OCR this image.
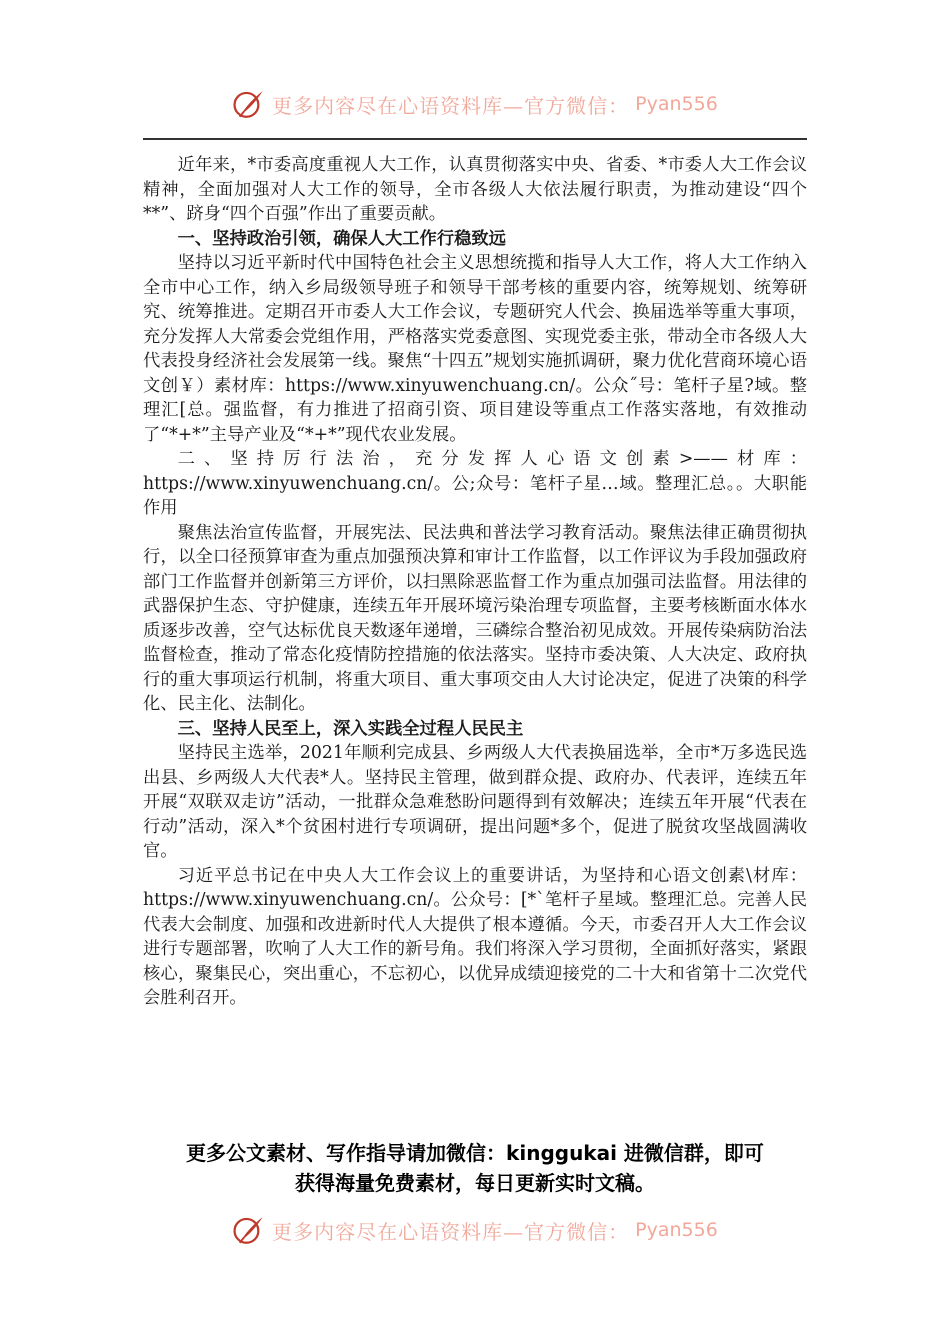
更多内容尽在心语资料库—官方微信： Pyan556

近年来，*市委高度重视人大工作，认真贯彻落实中央、省委、*市委人大工作会议精神，全面加强对人大工作的领导，全市各级人大依法履行职责，为推动建设“四个**”、跻身“四个百强”作出了重要贡献。

一、坚持政治引领，确保人大工作行稳致远

坚持以习近平新时代中国特色社会主义思想统揽和指导人大工作，将人大工作纳入全市中心工作，纳入乡局级领导班子和领导干部考核的重要内容，统筹规划、统筹研究、统筹推进。定期召开市委人大工作会议，专题研究人代会、换届选举等重大事项，充分发挥人大常委会党组作用，严格落实党委意图、实现党委主张，带动全市各级人大代表投身经济社会发展第一线。聚焦“十四五”规划实施抓调研，聚力优化营商环境心语文创￥）素材库：https://www.xinyuwenchuang.cn/。公众˝号：笔杆子星?域。整理汇[总。强监督，有力推进了招商引资、项目建设等重点工作落实落地，有效推动了“*+*”主导产业及“*+*”现代农业发展。

二、坚持厉行法治，充分发挥人心语文创素>——材库：https://www.xinyuwenchuang.cn/。公;众号：笔杆子星…域。整理汇总。。大职能作用

聚焦法治宣传监督，开展宪法、民法典和普法学习教育活动。聚焦法律正确贯彻执行，以全口径预算审查为重点加强预决算和审计工作监督，以工作评议为手段加强政府部门工作监督并创新第三方评价，以扫黑除恶监督工作为重点加强司法监督。用法律的武器保护生态、守护健康，连续五年开展环境污染治理专项监督，主要考核断面水体水质逐步改善，空气达标优良天数逐年递增，三磷综合整治初见成效。开展传染病防治法监督检查，推动了常态化疫情防控措施的依法落实。坚持市委决策、人大决定、政府执行的重大事项运行机制，将重大项目、重大事项交由人大讨论决定，促进了决策的科学化、民主化、法制化。

三、坚持人民至上，深入实践全过程人民民主

坚持民主选举，2021年顺利完成县、乡两级人大代表换届选举，全市*万多选民选出县、乡两级人大代表*人。坚持民主管理，做到群众提、政府办、代表评，连续五年开展“双联双走访”活动，一批群众急难愁盼问题得到有效解决；连续五年开展“代表在行动”活动，深入*个贫困村进行专项调研，提出问题*多个，促进了脱贫攻坚战圆满收官。

习近平总书记在中央人大工作会议上的重要讲话，为坚持和心语文创素\材库：https://www.xinyuwenchuang.cn/。公众号：[*`笔杆子星域。整理汇总。完善人民代表大会制度、加强和改进新时代人大提供了根本遵循。今天，市委召开人大工作会议进行专题部署，吹响了人大工作的新号角。我们将深入学习贯彻，全面抓好落实，紧跟核心，聚集民心，突出重心，不忘初心，以优异成绩迎接党的二十大和省第十二次党代会胜利召开。

更多公文素材、写作指导请加微信：kinggukai 进微信群，即可
获得海量免费素材，每日更新实时文稿。
更多内容尽在心语资料库—官方微信： Pyan556
